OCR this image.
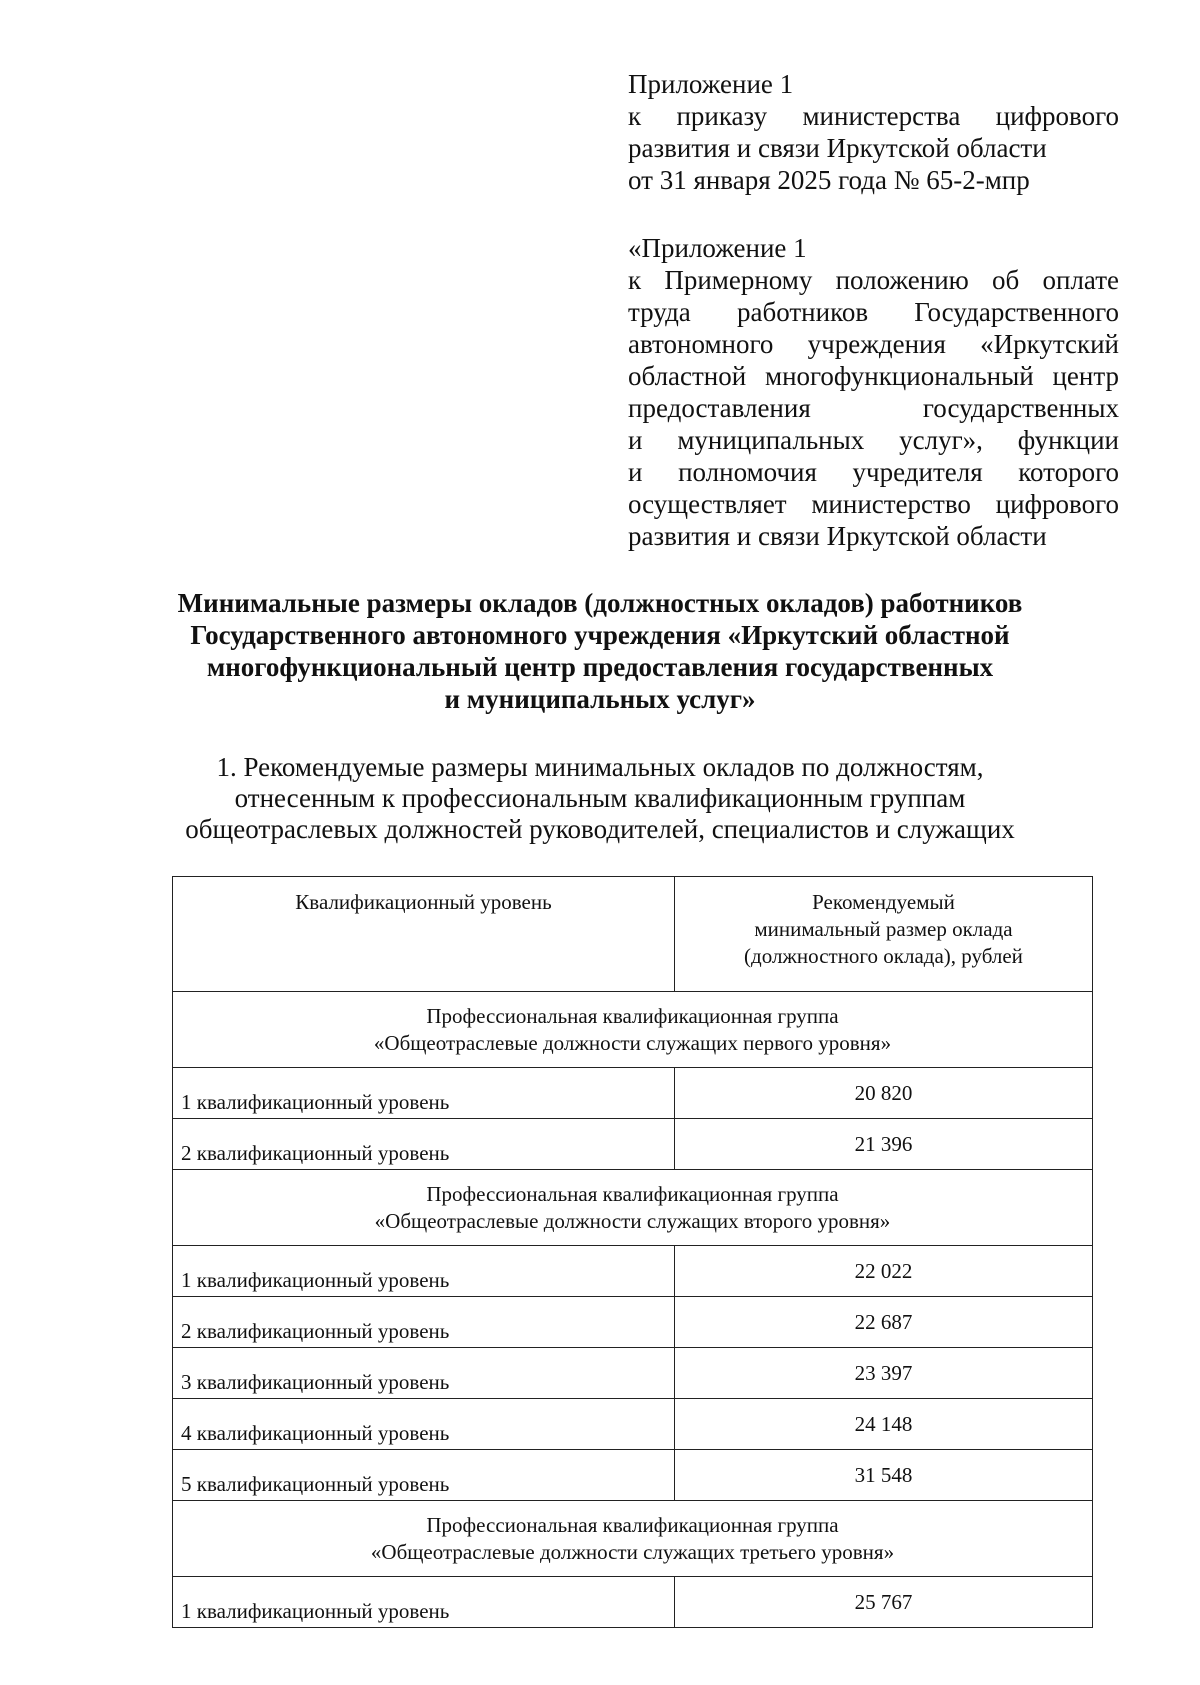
Приложение 1

к приказу министерства цифрового

развития и связи Иркутской области

от 31 января 2025 года № 65-2-мпр

«Приложение 1

к Примерному положению об оплате

труда работников Государственного

автономного учреждения «Иркутский

областной многофункциональный центр

предоставления государственных

и муниципальных услуг», функции

и полномочия учредителя которого

осуществляет министерство цифрового

развития и связи Иркутской области

Минимальные размеры окладов (должностных окладов) работников
Государственного автономного учреждения «Иркутский областной
многофункциональный центр предоставления государственных
и муниципальных услуг»
1. Рекомендуемые размеры минимальных окладов по должностям,
отнесенным к профессиональным квалификационным группам
общеотраслевых должностей руководителей, специалистов и служащих
Квалификационный уровень	Рекомендуемый
минимальный размер оклада
(должностного оклада), рублей

Профессиональная квалификационная группа
«Общеотраслевые должности служащих первого уровня»	

1 квалификационный уровень	20 820
2 квалификационный уровень	21 396

Профессиональная квалификационная группа
«Общеотраслевые должности служащих второго уровня»	

1 квалификационный уровень	22 022
2 квалификационный уровень	22 687
3 квалификационный уровень	23 397
4 квалификационный уровень	24 148
5 квалификационный уровень	31 548

Профессиональная квалификационная группа
«Общеотраслевые должности служащих третьего уровня»	

1 квалификационный уровень	25 767
